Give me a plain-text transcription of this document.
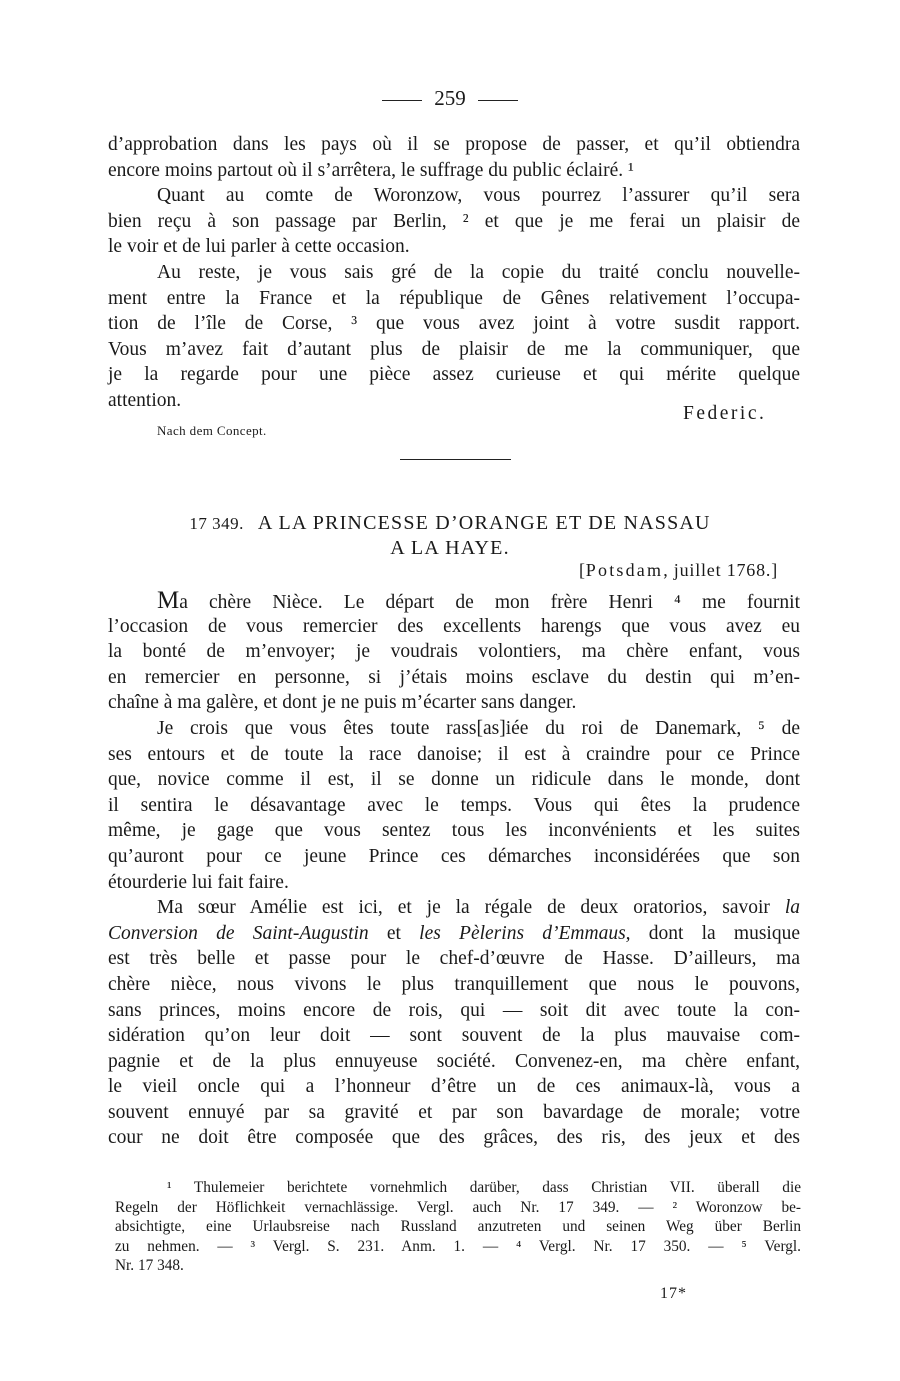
259
d’approbation dans les pays où il se propose de passer, et qu’il obtiendra
encore moins partout où il s’arrêtera, le suffrage du public éclairé. ¹
Quant au comte de Woronzow, vous pourrez l’assurer qu’il sera
bien reçu à son passage par Berlin, ² et que je me ferai un plaisir de
le voir et de lui parler à cette occasion.
Au reste, je vous sais gré de la copie du traité conclu nouvelle-
ment entre la France et la république de Gênes relativement l’occupa-
tion de l’île de Corse, ³ que vous avez joint à votre susdit rapport.
Vous m’avez fait d’autant plus de plaisir de me la communiquer, que
je la regarde pour une pièce assez curieuse et qui mérite quelque
attention.
Federic.
Nach dem Concept.
17 349. A LA PRINCESSE D’ORANGE ET DE NASSAU
A LA HAYE.
[Potsdam, juillet 1768.]
Ma chère Nièce. Le départ de mon frère Henri ⁴ me fournit
l’occasion de vous remercier des excellents harengs que vous avez eu
la bonté de m’envoyer; je voudrais volontiers, ma chère enfant, vous
en remercier en personne, si j’étais moins esclave du destin qui m’en-
chaîne à ma galère, et dont je ne puis m’écarter sans danger.
Je crois que vous êtes toute rass[as]iée du roi de Danemark, ⁵ de
ses entours et de toute la race danoise; il est à craindre pour ce Prince
que, novice comme il est, il se donne un ridicule dans le monde, dont
il sentira le désavantage avec le temps. Vous qui êtes la prudence
même, je gage que vous sentez tous les inconvénients et les suites
qu’auront pour ce jeune Prince ces démarches inconsidérées que son
étourderie lui fait faire.
Ma sœur Amélie est ici, et je la régale de deux oratorios, savoir la
Conversion de Saint-Augustin et les Pèlerins d’Emmaus, dont la musique
est très belle et passe pour le chef-d’œuvre de Hasse. D’ailleurs, ma
chère nièce, nous vivons le plus tranquillement que nous le pouvons,
sans princes, moins encore de rois, qui — soit dit avec toute la con-
sidération qu’on leur doit — sont souvent de la plus mauvaise com-
pagnie et de la plus ennuyeuse société. Convenez-en, ma chère enfant,
le vieil oncle qui a l’honneur d’être un de ces animaux-là, vous a
souvent ennuyé par sa gravité et par son bavardage de morale; votre
cour ne doit être composée que des grâces, des ris, des jeux et des
¹ Thulemeier berichtete vornehmlich darüber, dass Christian VII. überall die
Regeln der Höflichkeit vernachlässige. Vergl. auch Nr. 17 349. — ² Woronzow be-
absichtigte, eine Urlaubsreise nach Russland anzutreten und seinen Weg über Berlin
zu nehmen. — ³ Vergl. S. 231. Anm. 1. — ⁴ Vergl. Nr. 17 350. — ⁵ Vergl.
Nr. 17 348.
17*
